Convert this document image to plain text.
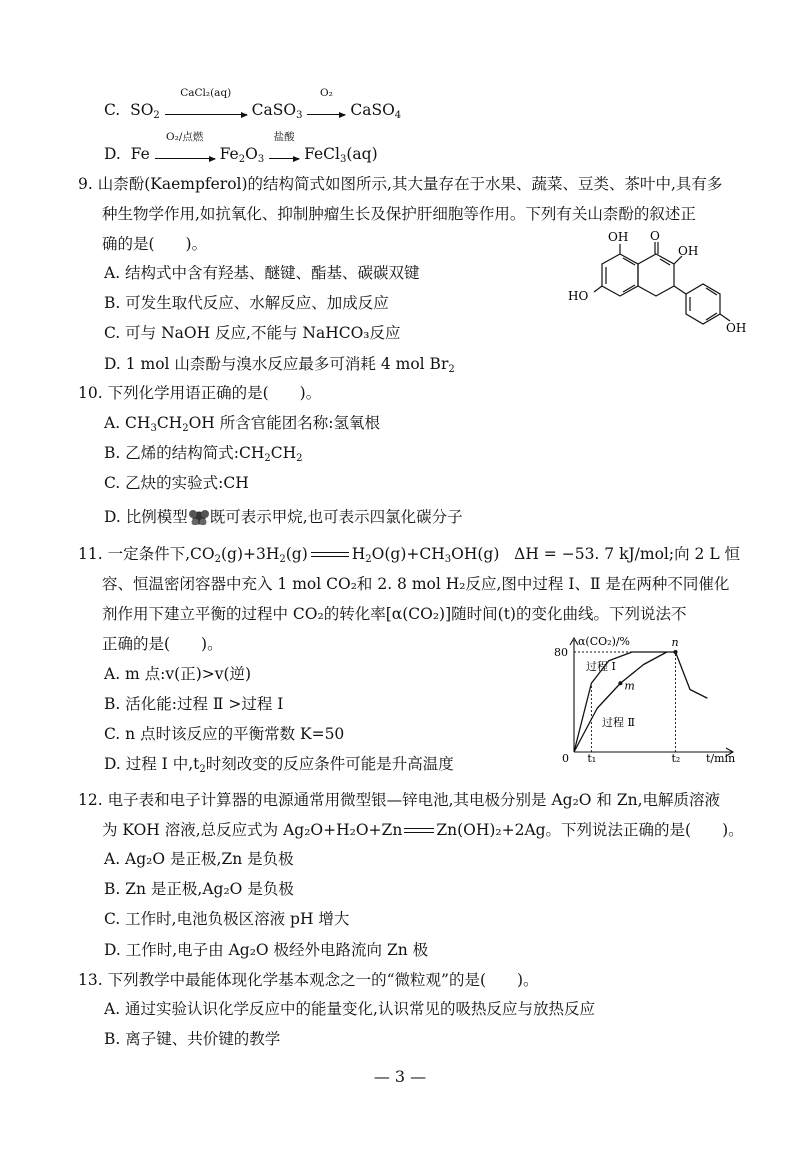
C. $SO_2$
CaCl₂(aq)
CaSO$_3$
O₂
CaSO$_4$
D. Fe
O₂/点燃
$Fe_2O_3$
盐酸
FeCl$_3$(aq)
9. 山柰酚(Kaempferol)的结构简式如图所示,其大量存在于水果、蔬菜、豆类、茶叶中,具有多
种生物学作用,如抗氧化、抑制肿瘤生长及保护肝细胞等作用。下列有关山柰酚的叙述正
确的是(　　)。
A. 结构式中含有羟基、醚键、酯基、碳碳双键
B. 可发生取代反应、水解反应、加成反应
C. 可与 NaOH 反应,不能与 NaHCO₃反应
D. 1 mol 山柰酚与溴水反应最多可消耗 4 mol $Br_2$
OH O
OH
HO
OH
10. 下列化学用语正确的是(　　)。
A. $CH_3CH_2OH$ 所含官能团名称:氢氧根
B. 乙烯的结构简式$:CH_2CH_2$
C. 乙炔的实验式:CH
D. 比例模型 既可表示甲烷,也可表示四氯化碳分子
11. 一定条件下$,CO_2(g)+3H_2(g)$	$H_2O(g)+CH_3OH(g) \Delta H = -53$. 7 kJ/mol;向 2 L 恒
容、恒温密闭容器中充入 1 mol CO₂和 2. 8 mol H₂反应,图中过程 Ⅰ、Ⅱ 是在两种不同催化
剂作用下建立平衡的过程中 CO₂的转化率[α(CO₂)]随时间(t)的变化曲线。下列说法不
正确的是(　　)。
A. m 点:v(正)>v(逆)
B. 活化能:过程 Ⅱ >过程 Ⅰ
C. n 点时该反应的平衡常数 K=50
D. 过程 Ⅰ 中$,t_2$时刻改变的反应条件可能是升高温度
α(CO₂)/%
t/min
80
0 t₁	t₂
过程 Ⅰ
过程 Ⅱ
m
n
12. 电子表和电子计算器的电源通常用微型银—锌电池,其电极分别是 Ag₂O 和 Zn,电解质溶液
为 KOH 溶液,总反应式为 Ag₂O+H₂O+Zn Zn(OH)₂+2Ag。下列说法正确的是(　　)。
A. Ag₂O 是正极,Zn 是负极
B. Zn 是正极,Ag₂O 是负极
C. 工作时,电池负极区溶液 pH 增大
D. 工作时,电子由 Ag₂O 极经外电路流向 Zn 极
13. 下列教学中最能体现化学基本观念之一的“微粒观”的是(　　)。
A. 通过实验认识化学反应中的能量变化,认识常见的吸热反应与放热反应
B. 离子键、共价键的教学
— 3 —
